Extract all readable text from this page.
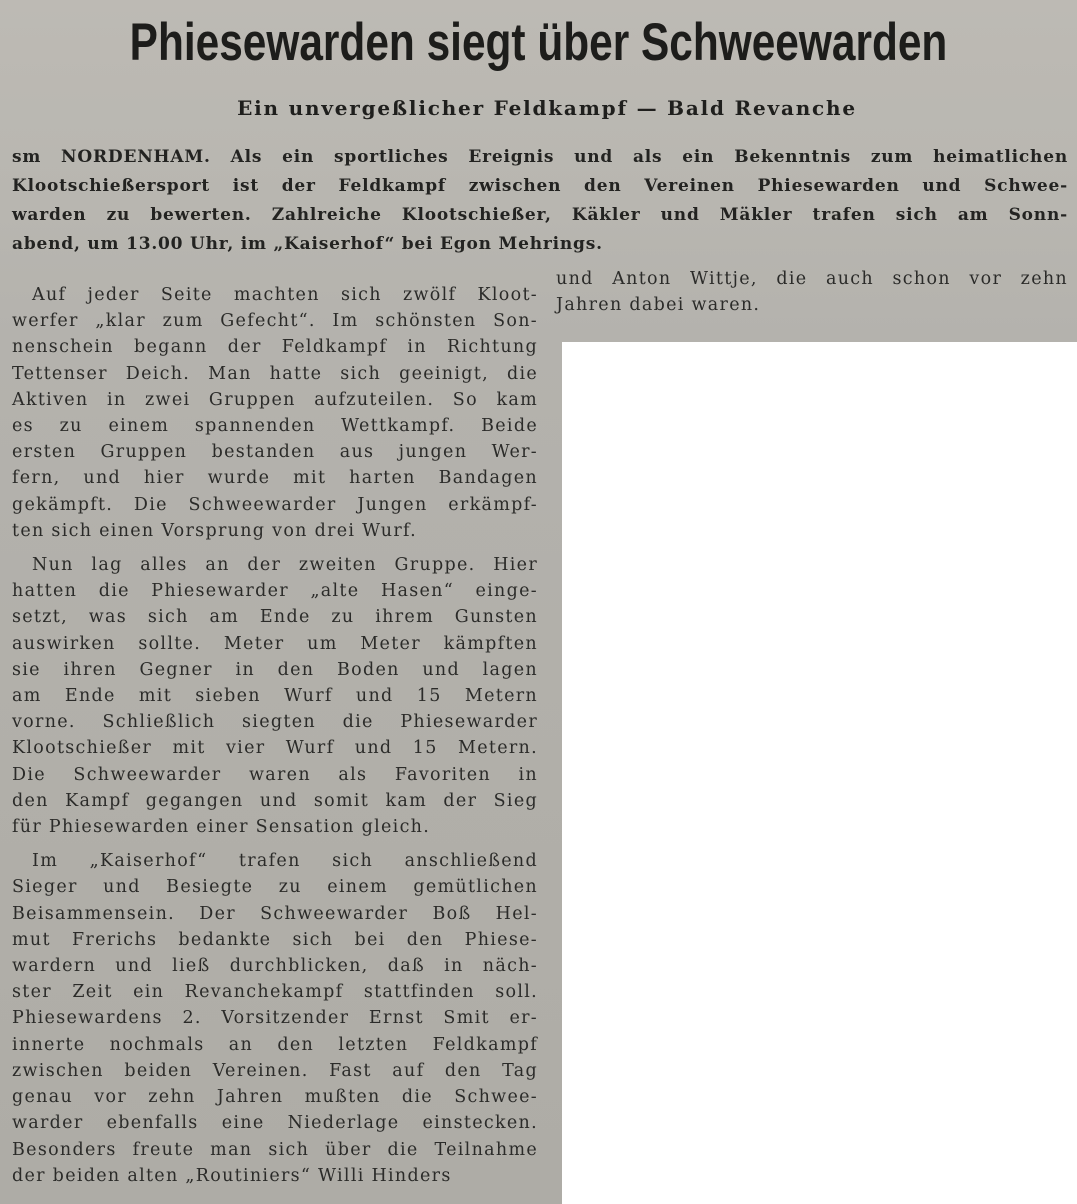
Phiesewarden siegt über Schweewarden
Ein unvergeßlicher Feldkampf — Bald Revanche
sm NORDENHAM. Als ein sportliches Ereignis und als ein Bekenntnis zum heimatlichen
Klootschießersport ist der Feldkampf zwischen den Vereinen Phiesewarden und Schwee-
warden zu bewerten. Zahlreiche Klootschießer, Käkler und Mäkler trafen sich am Sonn-
abend, um 13.00 Uhr, im „Kaiserhof“ bei Egon Mehrings.
Auf jeder Seite machten sich zwölf Kloot-
werfer „klar zum Gefecht“. Im schönsten Son-
nenschein begann der Feldkampf in Richtung
Tettenser Deich. Man hatte sich geeinigt, die
Aktiven in zwei Gruppen aufzuteilen. So kam
es zu einem spannenden Wettkampf. Beide
ersten Gruppen bestanden aus jungen Wer-
fern, und hier wurde mit harten Bandagen
gekämpft. Die Schweewarder Jungen erkämpf-
ten sich einen Vorsprung von drei Wurf.
Nun lag alles an der zweiten Gruppe. Hier
hatten die Phiesewarder „alte Hasen“ einge-
setzt, was sich am Ende zu ihrem Gunsten
auswirken sollte. Meter um Meter kämpften
sie ihren Gegner in den Boden und lagen
am Ende mit sieben Wurf und 15 Metern
vorne. Schließlich siegten die Phiesewarder
Klootschießer mit vier Wurf und 15 Metern.
Die Schweewarder waren als Favoriten in
den Kampf gegangen und somit kam der Sieg
für Phiesewarden einer Sensation gleich.
Im „Kaiserhof“ trafen sich anschließend
Sieger und Besiegte zu einem gemütlichen
Beisammensein. Der Schweewarder Boß Hel-
mut Frerichs bedankte sich bei den Phiese-
wardern und ließ durchblicken, daß in näch-
ster Zeit ein Revanchekampf stattfinden soll.
Phiesewardens 2. Vorsitzender Ernst Smit er-
innerte nochmals an den letzten Feldkampf
zwischen beiden Vereinen. Fast auf den Tag
genau vor zehn Jahren mußten die Schwee-
warder ebenfalls eine Niederlage einstecken.
Besonders freute man sich über die Teilnahme
der beiden alten „Routiniers“ Willi Hinders
und Anton Wittje, die auch schon vor zehn
Jahren dabei waren.
